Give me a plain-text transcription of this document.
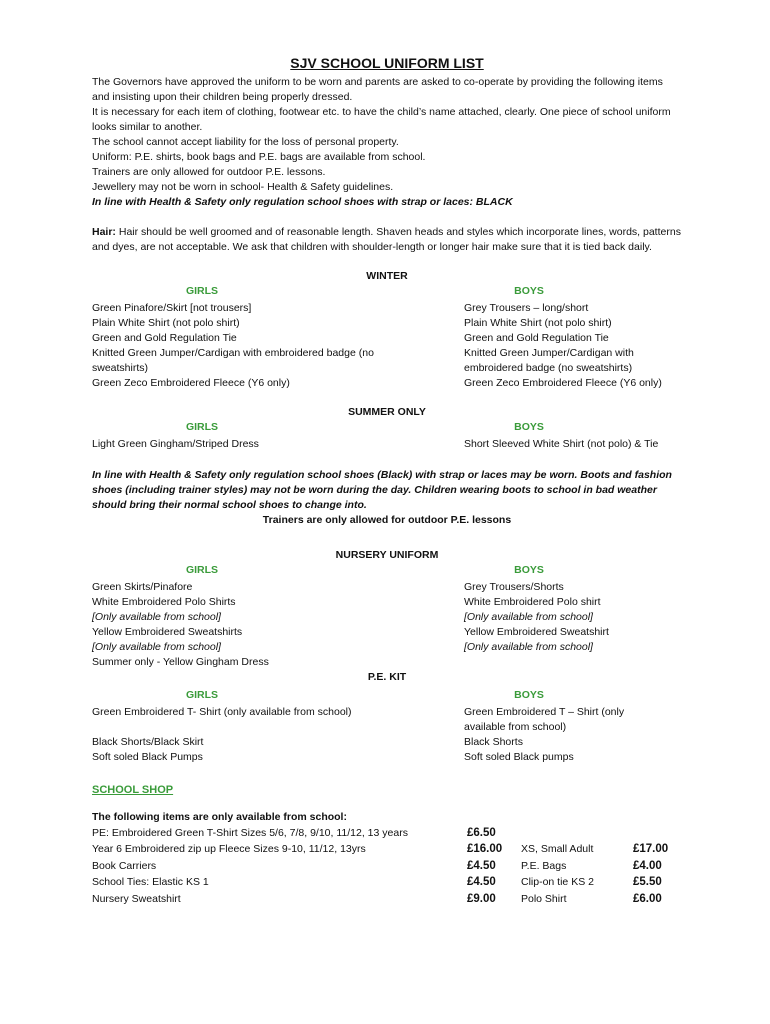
SJV SCHOOL UNIFORM LIST

The Governors have approved the uniform to be worn and parents are asked to co-operate by providing the following items and insisting upon their children being properly dressed.

It is necessary for each item of clothing, footwear etc. to have the child’s name attached, clearly. One piece of school uniform looks similar to another.

The school cannot accept liability for the loss of personal property.

Uniform: P.E. shirts, book bags and P.E. bags are available from school.

Trainers are only allowed for outdoor P.E. lessons.

Jewellery may not be worn in school- Health & Safety guidelines.

In line with Health & Safety only regulation school shoes with strap or laces: BLACK

Hair: Hair should be well groomed and of reasonable length. Shaven heads and styles which incorporate lines, words, patterns and dyes, are not acceptable. We ask that children with shoulder-length or longer hair make sure that it is tied back daily.

WINTER
GIRLS
Green Pinafore/Skirt [not trousers]
Plain White Shirt (not polo shirt)
Green and Gold Regulation Tie
Knitted Green Jumper/Cardigan with embroidered badge (no sweatshirts)
Green Zeco Embroidered Fleece (Y6 only)
BOYS
Grey Trousers – long/short
Plain White Shirt (not polo shirt)
Green and Gold Regulation Tie
Knitted Green Jumper/Cardigan with embroidered badge (no sweatshirts)
Green Zeco Embroidered Fleece (Y6 only)
SUMMER ONLY
GIRLS
Light Green Gingham/Striped Dress
BOYS
Short Sleeved White Shirt (not polo) & Tie

In line with Health & Safety only regulation school shoes (Black) with strap or laces may be worn. Boots and fashion shoes (including trainer styles) may not be worn during the day. Children wearing boots to school in bad weather should bring their normal school shoes to change into.

Trainers are only allowed for outdoor P.E. lessons
NURSERY UNIFORM
GIRLS
Green Skirts/Pinafore
White Embroidered Polo Shirts
[Only available from school]
Yellow Embroidered Sweatshirts
[Only available from school]
Summer only - Yellow Gingham Dress
BOYS
Grey Trousers/Shorts
White Embroidered Polo shirt
[Only available from school]
Yellow Embroidered Sweatshirt
[Only available from school]
P.E. KIT
GIRLS
Green Embroidered T- Shirt (only available from school)
Black Shorts/Black Skirt
Soft soled Black Pumps
BOYS
Green Embroidered T – Shirt (only available from school)
Black Shorts
Soft soled Black pumps
SCHOOL SHOP
The following items are only available from school:
PE: Embroidered Green T-Shirt Sizes 5/6, 7/8, 9/10, 11/12, 13 years	£6.50
Year 6 Embroidered zip up Fleece Sizes 9-10, 11/12, 13yrs	£16.00	XS, Small Adult	£17.00
Book Carriers	£4.50	P.E. Bags	£4.00
School Ties: Elastic KS 1	£4.50	Clip-on tie KS 2	£5.50
Nursery Sweatshirt	£9.00	Polo Shirt	£6.00
